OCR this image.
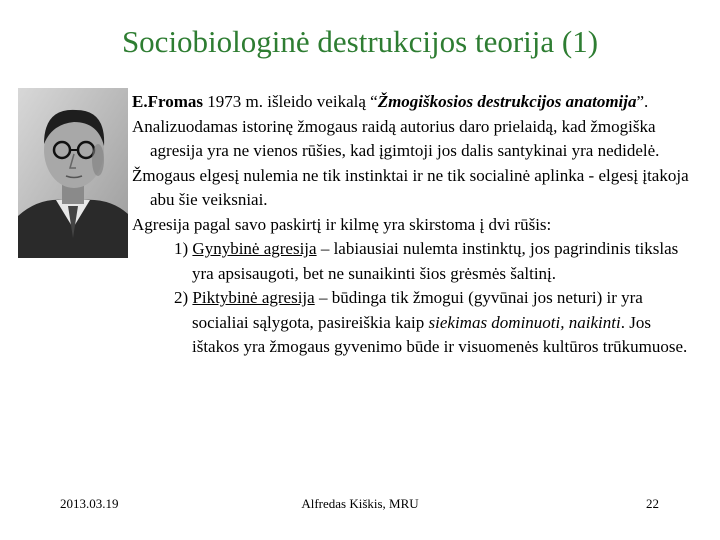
Sociobiologinė destrukcijos teorija (1)

E.Fromas 1973 m. išleido veikalą “Žmogiškosios destrukcijos anatomija”.

Analizuodamas istorinę žmogaus raidą autorius daro prielaidą, kad žmogiška agresija yra ne vienos rūšies, kad įgimtoji jos dalis santykinai yra nedidelė.

Žmogaus elgesį nulemia ne tik instinktai ir ne tik socialinė aplinka - elgesį įtakoja abu šie veiksniai.

Agresija pagal savo paskirtį ir kilmę yra skirstoma į dvi rūšis:

1) Gynybinė agresija – labiausiai nulemta instinktų, jos pagrindinis tikslas yra apsisaugoti, bet ne sunaikinti šios grėsmės šaltinį.

2) Piktybinė agresija – būdinga tik žmogui (gyvūnai jos neturi) ir yra socialiai sąlygota, pasireiškia kaip siekimas dominuoti, naikinti. Jos ištakos yra žmogaus gyvenimo būde ir visuomenės kultūros trūkumuose.

2013.03.19	Alfredas Kiškis, MRU	22
